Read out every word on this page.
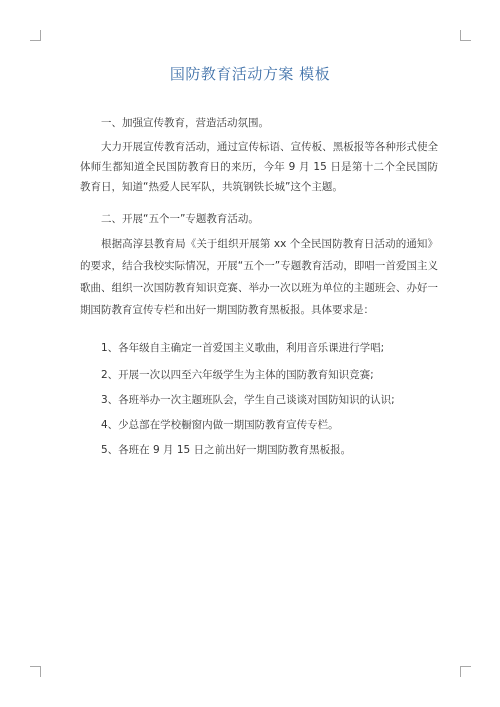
国防教育活动方案 模板

一、加强宣传教育，营造活动氛围。

大力开展宣传教育活动，通过宣传标语、宣传板、黑板报等各种形式使全体师生都知道全民国防教育日的来历，今年 9 月 15 日是第十二个全民国防教育日，知道“热爱人民军队，共筑钢铁长城”这个主题。

二、开展“五个一”专题教育活动。

根据高淳县教育局《关于组织开展第 xx 个全民国防教育日活动的通知》的要求，结合我校实际情况，开展“五个一”专题教育活动，即唱一首爱国主义歌曲、组织一次国防教育知识竞赛、举办一次以班为单位的主题班会、办好一期国防教育宣传专栏和出好一期国防教育黑板报。具体要求是：

1、各年级自主确定一首爱国主义歌曲，利用音乐课进行学唱;

2、开展一次以四至六年级学生为主体的国防教育知识竞赛;

3、各班举办一次主题班队会，学生自己谈谈对国防知识的认识;

4、少总部在学校橱窗内做一期国防教育宣传专栏。

5、各班在 9 月 15 日之前出好一期国防教育黑板报。
